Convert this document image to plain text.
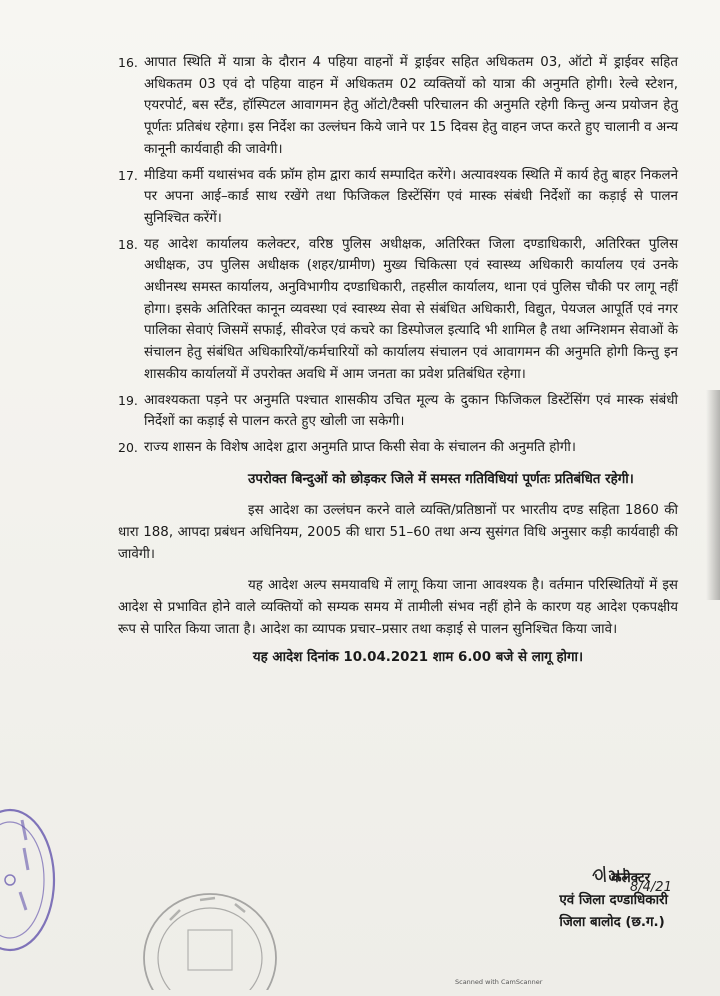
16. आपात स्थिति में यात्रा के दौरान 4 पहिया वाहनों में ड्राईवर सहित अधिकतम 03, ऑटो में ड्राईवर सहित अधिकतम 03 एवं दो पहिया वाहन में अधिकतम 02 व्यक्तियों को यात्रा की अनुमति होगी। रेल्वे स्टेशन, एयरपोर्ट, बस स्टैंड, हॉस्पिटल आवागमन हेतु ऑटो/टैक्सी परिचालन की अनुमति रहेगी किन्तु अन्य प्रयोजन हेतु पूर्णतः प्रतिबंध रहेगा। इस निर्देश का उल्लंघन किये जाने पर 15 दिवस हेतु वाहन जप्त करते हुए चालानी व अन्य कानूनी कार्यवाही की जावेगी।
17. मीडिया कर्मी यथासंभव वर्क फ्रॉम होम द्वारा कार्य सम्पादित करेंगे। अत्यावश्यक स्थिति में कार्य हेतु बाहर निकलने पर अपना आई–कार्ड साथ रखेंगे तथा फिजिकल डिस्टेंसिंग एवं मास्क संबंधी निर्देशों का कड़ाई से पालन सुनिश्चित करेंगें।
18. यह आदेश कार्यालय कलेक्टर, वरिष्ठ पुलिस अधीक्षक, अतिरिक्त जिला दण्डाधिकारी, अतिरिक्त पुलिस अधीक्षक, उप पुलिस अधीक्षक (शहर/ग्रामीण) मुख्य चिकित्सा एवं स्वास्थ्य अधिकारी कार्यालय एवं उनके अधीनस्थ समस्त कार्यालय, अनुविभागीय दण्डाधिकारी, तहसील कार्यालय, थाना एवं पुलिस चौकी पर लागू नहीं होगा। इसके अतिरिक्त कानून व्यवस्था एवं स्वास्थ्य सेवा से संबंधित अधिकारी, विद्युत, पेयजल आपूर्ति एवं नगर पालिका सेवाएं जिसमें सफाई, सीवरेज एवं कचरे का डिस्पोजल इत्यादि भी शामिल है तथा अग्निशमन सेवाओं के संचालन हेतु संबंधित अधिकारियों/कर्मचारियों को कार्यालय संचालन एवं आवागमन की अनुमति होगी किन्तु इन शासकीय कार्यालयों में उपरोक्त अवधि में आम जनता का प्रवेश प्रतिबंधित रहेगा।
19. आवश्यकता पड़ने पर अनुमति पश्चात शासकीय उचित मूल्य के दुकान फिजिकल डिस्टेंसिंग एवं मास्क संबंधी निर्देशों का कड़ाई से पालन करते हुए खोली जा सकेगी।
20. राज्य शासन के विशेष आदेश द्वारा अनुमति प्राप्त किसी सेवा के संचालन की अनुमति होगी।
उपरोक्त बिन्दुओं को छोड़कर जिले में समस्त गतिविधियां पूर्णतः प्रतिबंधित रहेगी।
इस आदेश का उल्लंघन करने वाले व्यक्ति/प्रतिष्ठानों पर भारतीय दण्ड सहिता 1860 की धारा 188, आपदा प्रबंधन अधिनियम, 2005 की धारा 51–60 तथा अन्य सुसंगत विधि अनुसार कड़ी कार्यवाही की जावेगी।
यह आदेश अल्प समयावधि में लागू किया जाना आवश्यक है। वर्तमान परिस्थितियों में इस आदेश से प्रभावित होने वाले व्यक्तियों को सम्यक समय में तामीली संभव नहीं होने के कारण यह आदेश एकपक्षीय रूप से पारित किया जाता है। आदेश का व्यापक प्रचार–प्रसार तथा कड़ाई से पालन सुनिश्चित किया जावे।
यह आदेश दिनांक 10.04.2021 शाम 6.00 बजे से लागू होगा।
8/4/21
कलेक्टर
एवं जिला दण्डाधिकारी
जिला बालोद (छ.ग.)
Scanned with CamScanner
